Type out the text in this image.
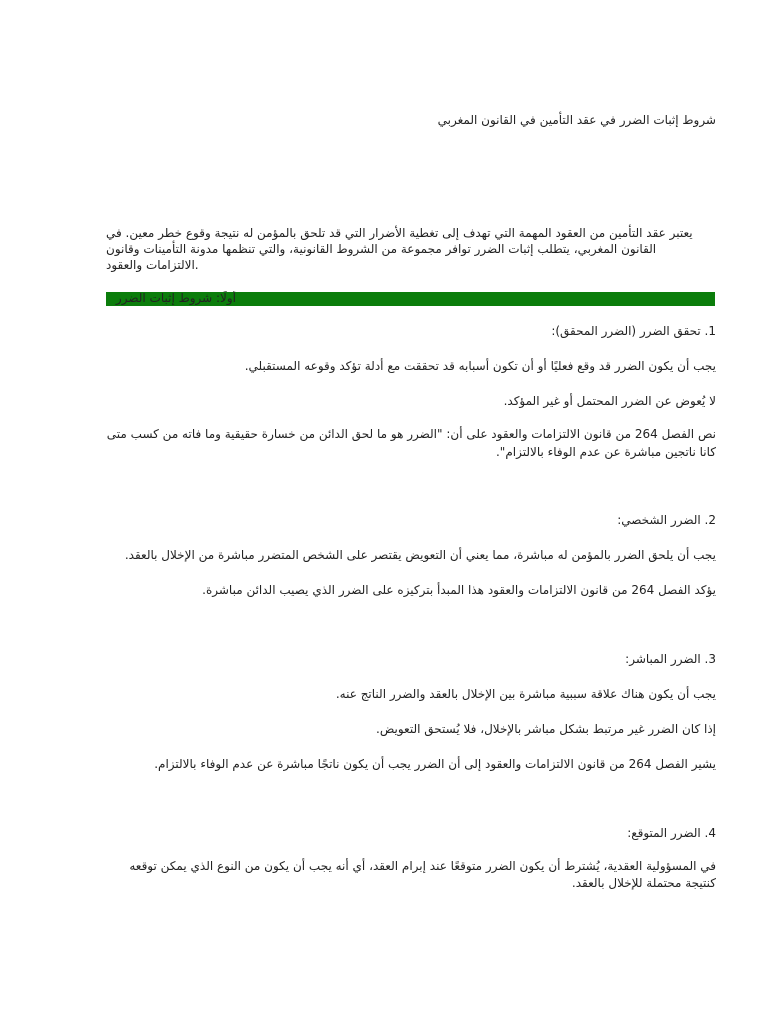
شروط إثبات الضرر في عقد التأمين في القانون المغربي
يعتبر عقد التأمين من العقود المهمة التي تهدف إلى تغطية الأضرار التي قد تلحق بالمؤمن له نتيجة وقوع خطر معين. في
القانون المغربي، يتطلب إثبات الضرر توافر مجموعة من الشروط القانونية، والتي تنظمها مدونة التأمينات وقانون
الالتزامات والعقود.
أولًا: شروط إثبات الضرر
1. تحقق الضرر (الضرر المحقق):
يجب أن يكون الضرر قد وقع فعليًا أو أن تكون أسبابه قد تحققت مع أدلة تؤكد وقوعه المستقبلي.
لا يُعوض عن الضرر المحتمل أو غير المؤكد.
نص الفصل 264 من قانون الالتزامات والعقود على أن: "الضرر هو ما لحق الدائن من خسارة حقيقية وما فاته من كسب متى
كانا ناتجين مباشرة عن عدم الوفاء بالالتزام".
2. الضرر الشخصي:
يجب أن يلحق الضرر بالمؤمن له مباشرة، مما يعني أن التعويض يقتصر على الشخص المتضرر مباشرة من الإخلال بالعقد.
يؤكد الفصل 264 من قانون الالتزامات والعقود هذا المبدأ بتركيزه على الضرر الذي يصيب الدائن مباشرة.
3. الضرر المباشر:
يجب أن يكون هناك علاقة سببية مباشرة بين الإخلال بالعقد والضرر الناتج عنه.
إذا كان الضرر غير مرتبط بشكل مباشر بالإخلال، فلا يُستحق التعويض.
يشير الفصل 264 من قانون الالتزامات والعقود إلى أن الضرر يجب أن يكون ناتجًا مباشرة عن عدم الوفاء بالالتزام.
4. الضرر المتوقع:
في المسؤولية العقدية، يُشترط أن يكون الضرر متوقعًا عند إبرام العقد، أي أنه يجب أن يكون من النوع الذي يمكن توقعه
كنتيجة محتملة للإخلال بالعقد.
